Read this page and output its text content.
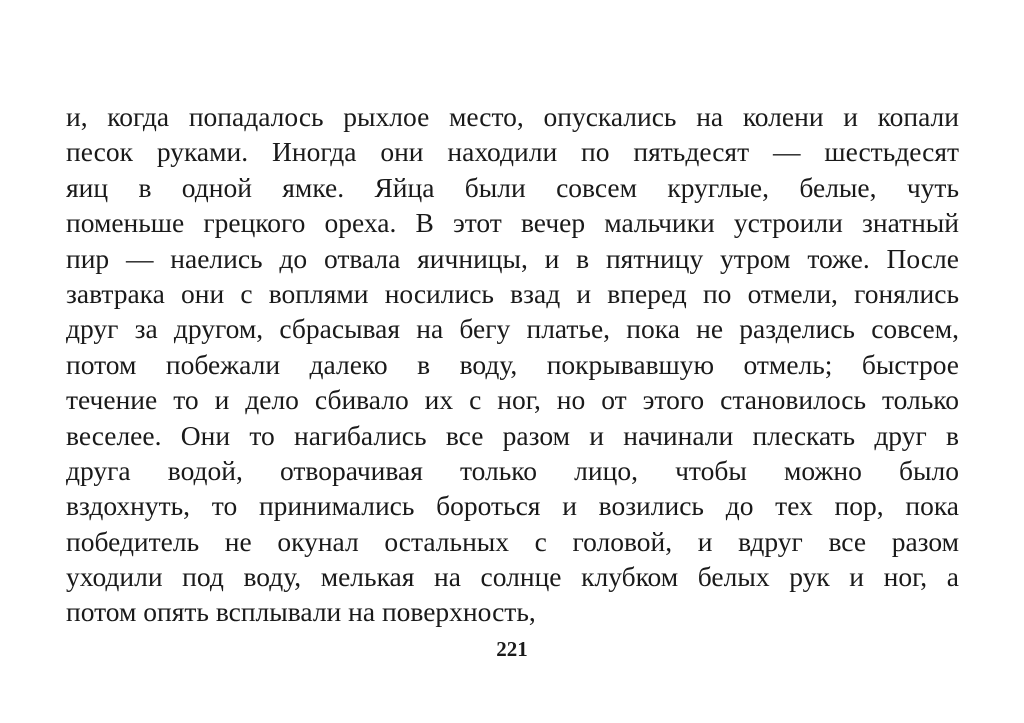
и, когда попадалось рыхлое место, опускались на колени и копали
песок руками. Иногда они находили по пятьдесят — шестьдесят
яиц в одной ямке. Яйца были совсем круглые, белые, чуть
поменьше грецкого ореха. В этот вечер мальчики устроили знатный
пир — наелись до отвала яичницы, и в пятницу утром тоже. После
завтрака они с воплями носились взад и вперед по отмели, гонялись
друг за другом, сбрасывая на бегу платье, пока не разделись совсем,
потом побежали далеко в воду, покрывавшую отмель; быстрое
течение то и дело сбивало их с ног, но от этого становилось только
веселее. Они то нагибались все разом и начинали плескать друг в
друга водой, отворачивая только лицо, чтобы можно было
вздохнуть, то принимались бороться и возились до тех пор, пока
победитель не окунал остальных с головой, и вдруг все разом
уходили под воду, мелькая на солнце клубком белых рук и ног, а
потом опять всплывали на поверхность,
221
